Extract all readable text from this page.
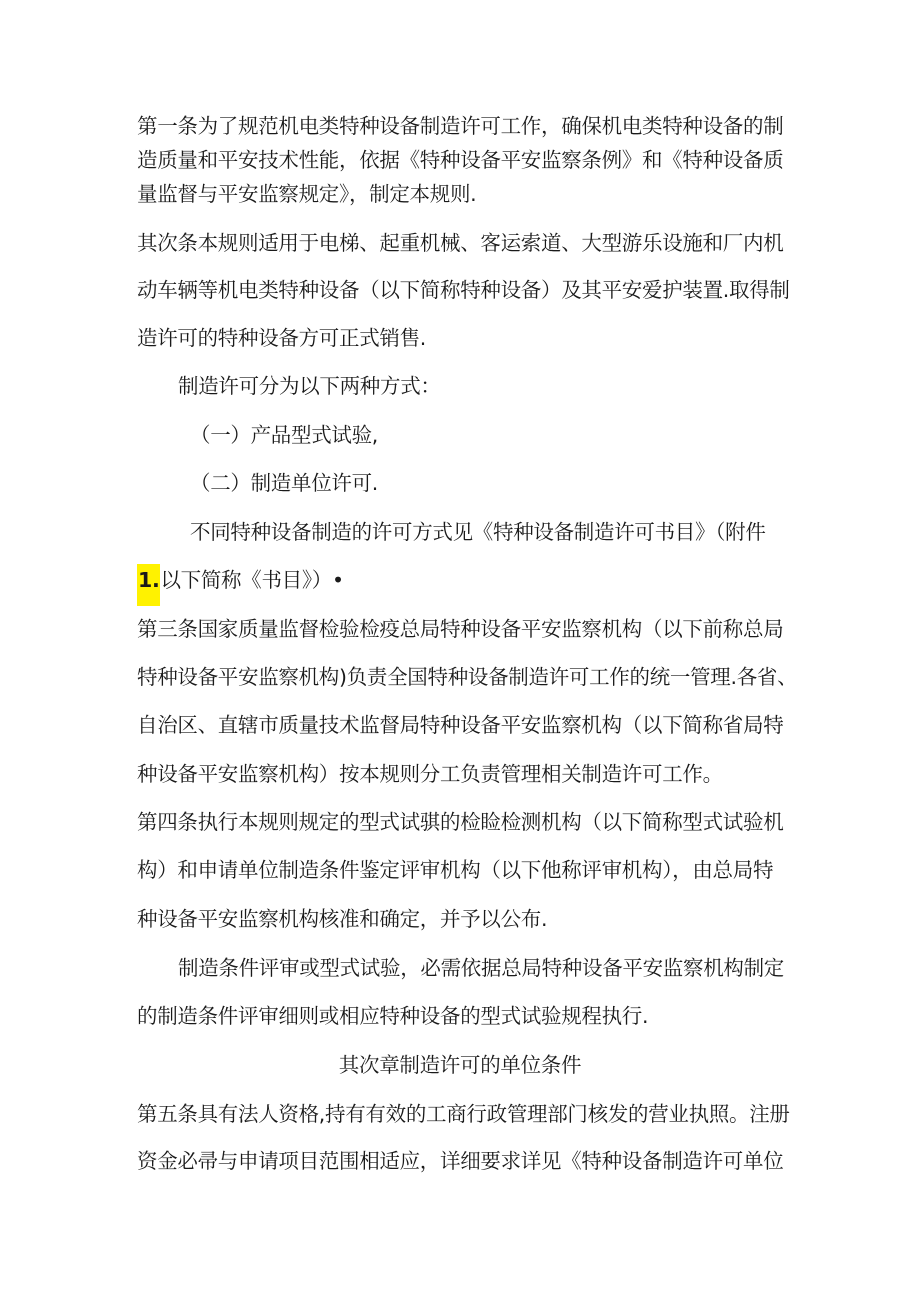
第一条为了规范机电类特种设备制造许可工作，确保机电类特种设备的制
造质量和平安技术性能，依据《特种设备平安监察条例》和《特种设备质
量监督与平安监察规定》，制定本规则.
其次条本规则适用于电梯、起重机械、客运索道、大型游乐设施和厂内机
动车辆等机电类特种设备（以下简称特种设备）及其平安爱护装置.取得制
造许可的特种设备方可正式销售.
制造许可分为以下两种方式：
（一）产品型式试验,
（二）制造单位许可.
不同特种设备制造的许可方式见《特种设备制造许可书目》（附件
1.以下简称《书目》）•
第三条国家质量监督检验检疫总局特种设备平安监察机构（以下前称总局
特种设备平安监察机构)负责全国特种设备制造许可工作的统一管理.各省、
自治区、直辖市质量技术监督局特种设备平安监察机构（以下简称省局特
种设备平安监察机构）按本规则分工负责管理相关制造许可工作。
第四条执行本规则规定的型式试骐的检睑检测机构（以下简称型式试验机
构）和申请单位制造条件鉴定评审机构（以下他称评审机构），由总局特
种设备平安监察机构核准和确定，并予以公布.
制造条件评审或型式试验，必需依据总局特种设备平安监察机构制定
的制造条件评审细则或相应特种设备的型式试验规程执行.
其次章制造许可的单位条件
第五条具有法人资格,持有有效的工商行政管理部门核发的营业执照。注册
资金必帚与申请项目范围相适应，详细要求详见《特种设备制造许可单位
